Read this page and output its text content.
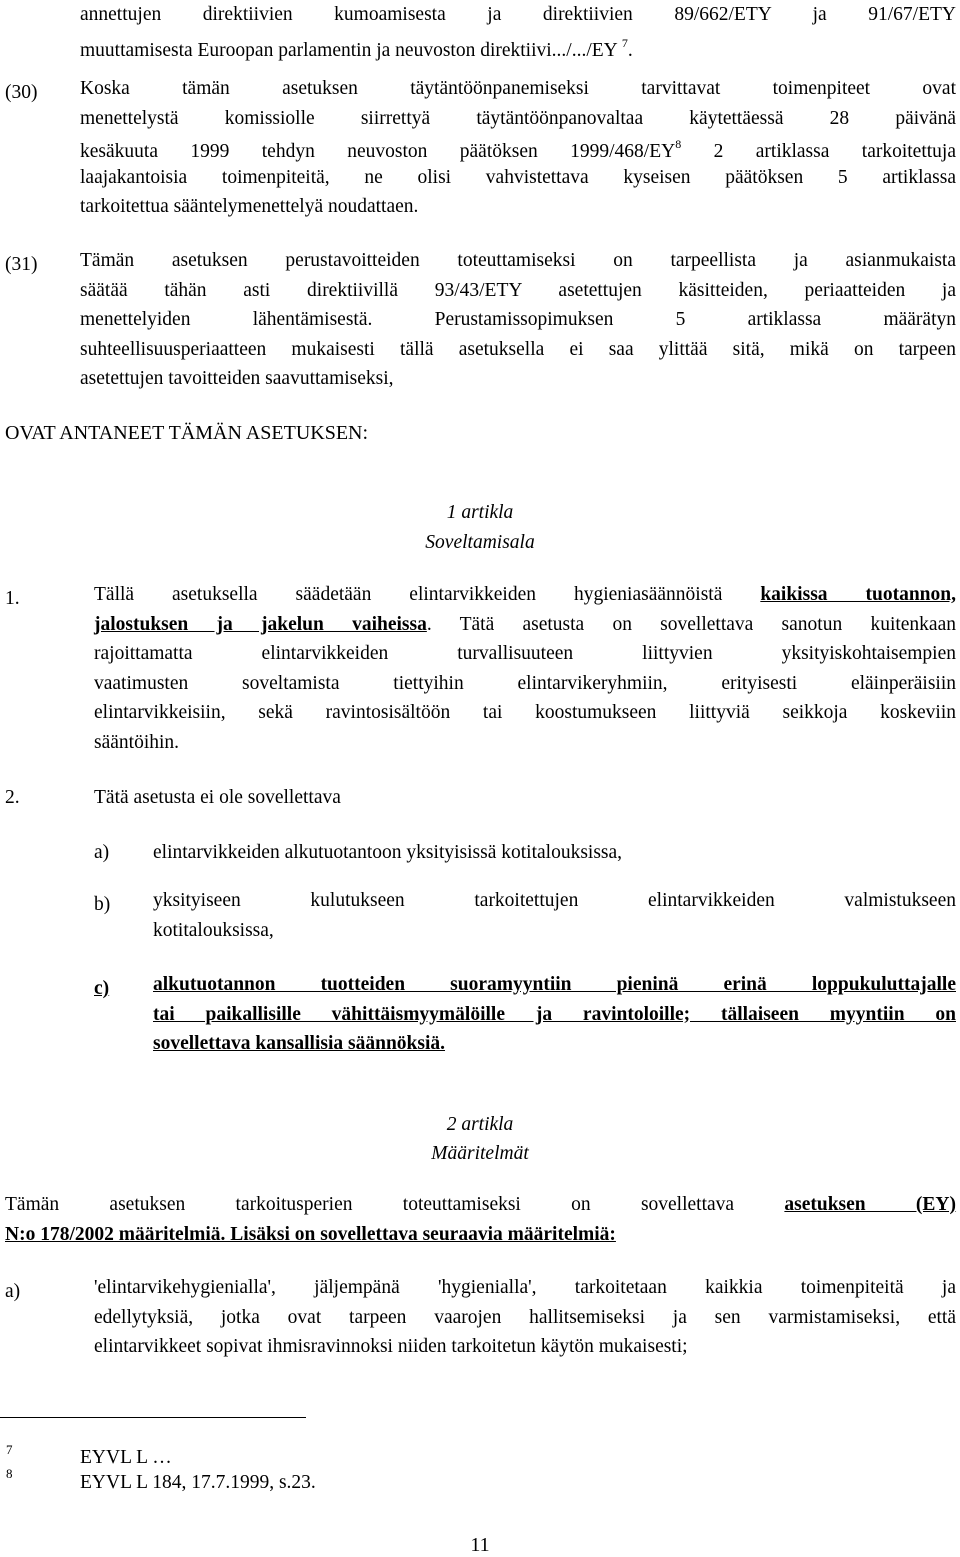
annettujen direktiivien kumoamisesta ja direktiivien 89/662/ETY ja 91/67/ETY
muuttamisesta Euroopan parlamentin ja neuvoston direktiivi.../.../EY $^7$.
(30) Koska tämän asetuksen täytäntöönpanemiseksi tarvittavat toimenpiteet ovat
menettelystä komissiolle siirrettyä täytäntöönpanovaltaa käytettäessä 28 päivänä
kesäkuuta 1999 tehdyn neuvoston päätöksen $1999/468/EY^8$ 2 artiklassa tarkoitettuja
laajakantoisia toimenpiteitä, ne olisi vahvistettava kyseisen päätöksen 5 artiklassa
tarkoitettua sääntelymenettelyä noudattaen.
(31) Tämän asetuksen perustavoitteiden toteuttamiseksi on tarpeellista ja asianmukaista
säätää tähän asti direktiivillä 93/43/ETY asetettujen käsitteiden, periaatteiden ja
menettelyiden lähentämisestä. Perustamissopimuksen 5 artiklassa määrätyn
suhteellisuusperiaatteen mukaisesti tällä asetuksella ei saa ylittää sitä, mikä on tarpeen
asetettujen tavoitteiden saavuttamiseksi,
OVAT ANTANEET TÄMÄN ASETUKSEN:
1 artikla
Soveltamisala
1.	Tällä asetuksella säädetään elintarvikkeiden hygieniasäännöistä kaikissa tuotannon,
jalostuksen ja jakelun vaiheissa. Tätä asetusta on sovellettava sanotun kuitenkaan
rajoittamatta elintarvikkeiden turvallisuuteen liittyvien yksityiskohtaisempien
vaatimusten soveltamista tiettyihin elintarvikeryhmiin, erityisesti eläinperäisiin
elintarvikkeisiin, sekä ravintosisältöön tai koostumukseen liittyviä seikkoja koskeviin
sääntöihin.
2.	Tätä asetusta ei ole sovellettava
a) elintarvikkeiden alkutuotantoon yksityisissä kotitalouksissa,
b) yksityiseen kulutukseen tarkoitettujen elintarvikkeiden valmistukseen
kotitalouksissa,
c) alkutuotannon tuotteiden suoramyyntiin pieninä erinä loppukuluttajalle
tai paikallisille vähittäismyymälöille ja ravintoloille; tällaiseen myyntiin on
sovellettava kansallisia säännöksiä.
2 artikla
Määritelmät
Tämän asetuksen tarkoitusperien toteuttamiseksi on sovellettava asetuksen (EY)
N:o 178/2002 määritelmiä. Lisäksi on sovellettava seuraavia määritelmiä:
a)	'elintarvikehygienialla', jäljempänä 'hygienialla', tarkoitetaan kaikkia toimenpiteitä ja
edellytyksiä, jotka ovat tarpeen vaarojen hallitsemiseksi ja sen varmistamiseksi, että
elintarvikkeet sopivat ihmisravinnoksi niiden tarkoitetun käytön mukaisesti;
7	EYVL L …
8	EYVL L 184, 17.7.1999, s.23.
11
